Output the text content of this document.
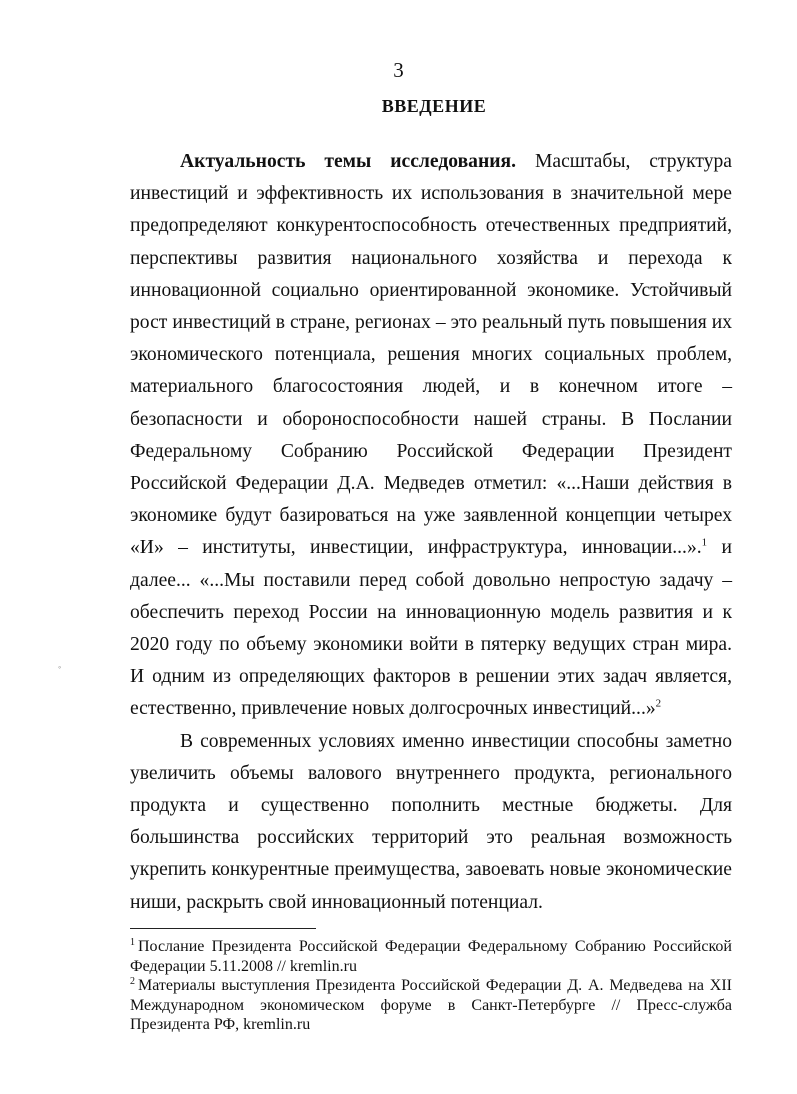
3
ВВЕДЕНИЕ

Актуальность темы исследования. Масштабы, структура инвестиций и эффективность их использования в значительной мере предопределяют конкурентоспособность отечественных предприятий, перспективы развития национального хозяйства и перехода к инновационной социально ориентированной экономике. Устойчивый рост инвестиций в стране, регионах – это реальный путь повышения их экономического потенциала, решения многих социальных проблем, материального благосостояния людей, и в конечном итоге – безопасности и обороноспособности нашей страны. В Послании Федеральному Собранию Российской Федерации Президент Российской Федерации Д.А. Медведев отметил: «...Наши действия в экономике будут базироваться на уже заявленной концепции четырех «И» – институты, инвестиции, инфраструктура, инновации...».$^1$ и далее... «...Мы поставили перед собой довольно непростую задачу – обеспечить переход России на инновационную модель развития и к 2020 году по объему экономики войти в пятерку ведущих стран мира. И одним из определяющих факторов в решении этих задач является, естественно, привлечение новых долгосрочных инвестиций...»$^2$

В современных условиях именно инвестиции способны заметно увеличить объемы валового внутреннего продукта, регионального продукта и существенно пополнить местные бюджеты. Для большинства российских территорий это реальная возможность укрепить конкурентные преимущества, завоевать новые экономические ниши, раскрыть свой инновационный потенциал.

◦

$^1$ Послание Президента Российской Федерации Федеральному Собранию Российской Федерации 5.11.2008 // kremlin.ru

$^2$ Материалы выступления Президента Российской Федерации Д. А. Медведева на XII Международном экономическом форуме в Санкт-Петербурге // Пресс-служба Президента РФ, kremlin.ru
